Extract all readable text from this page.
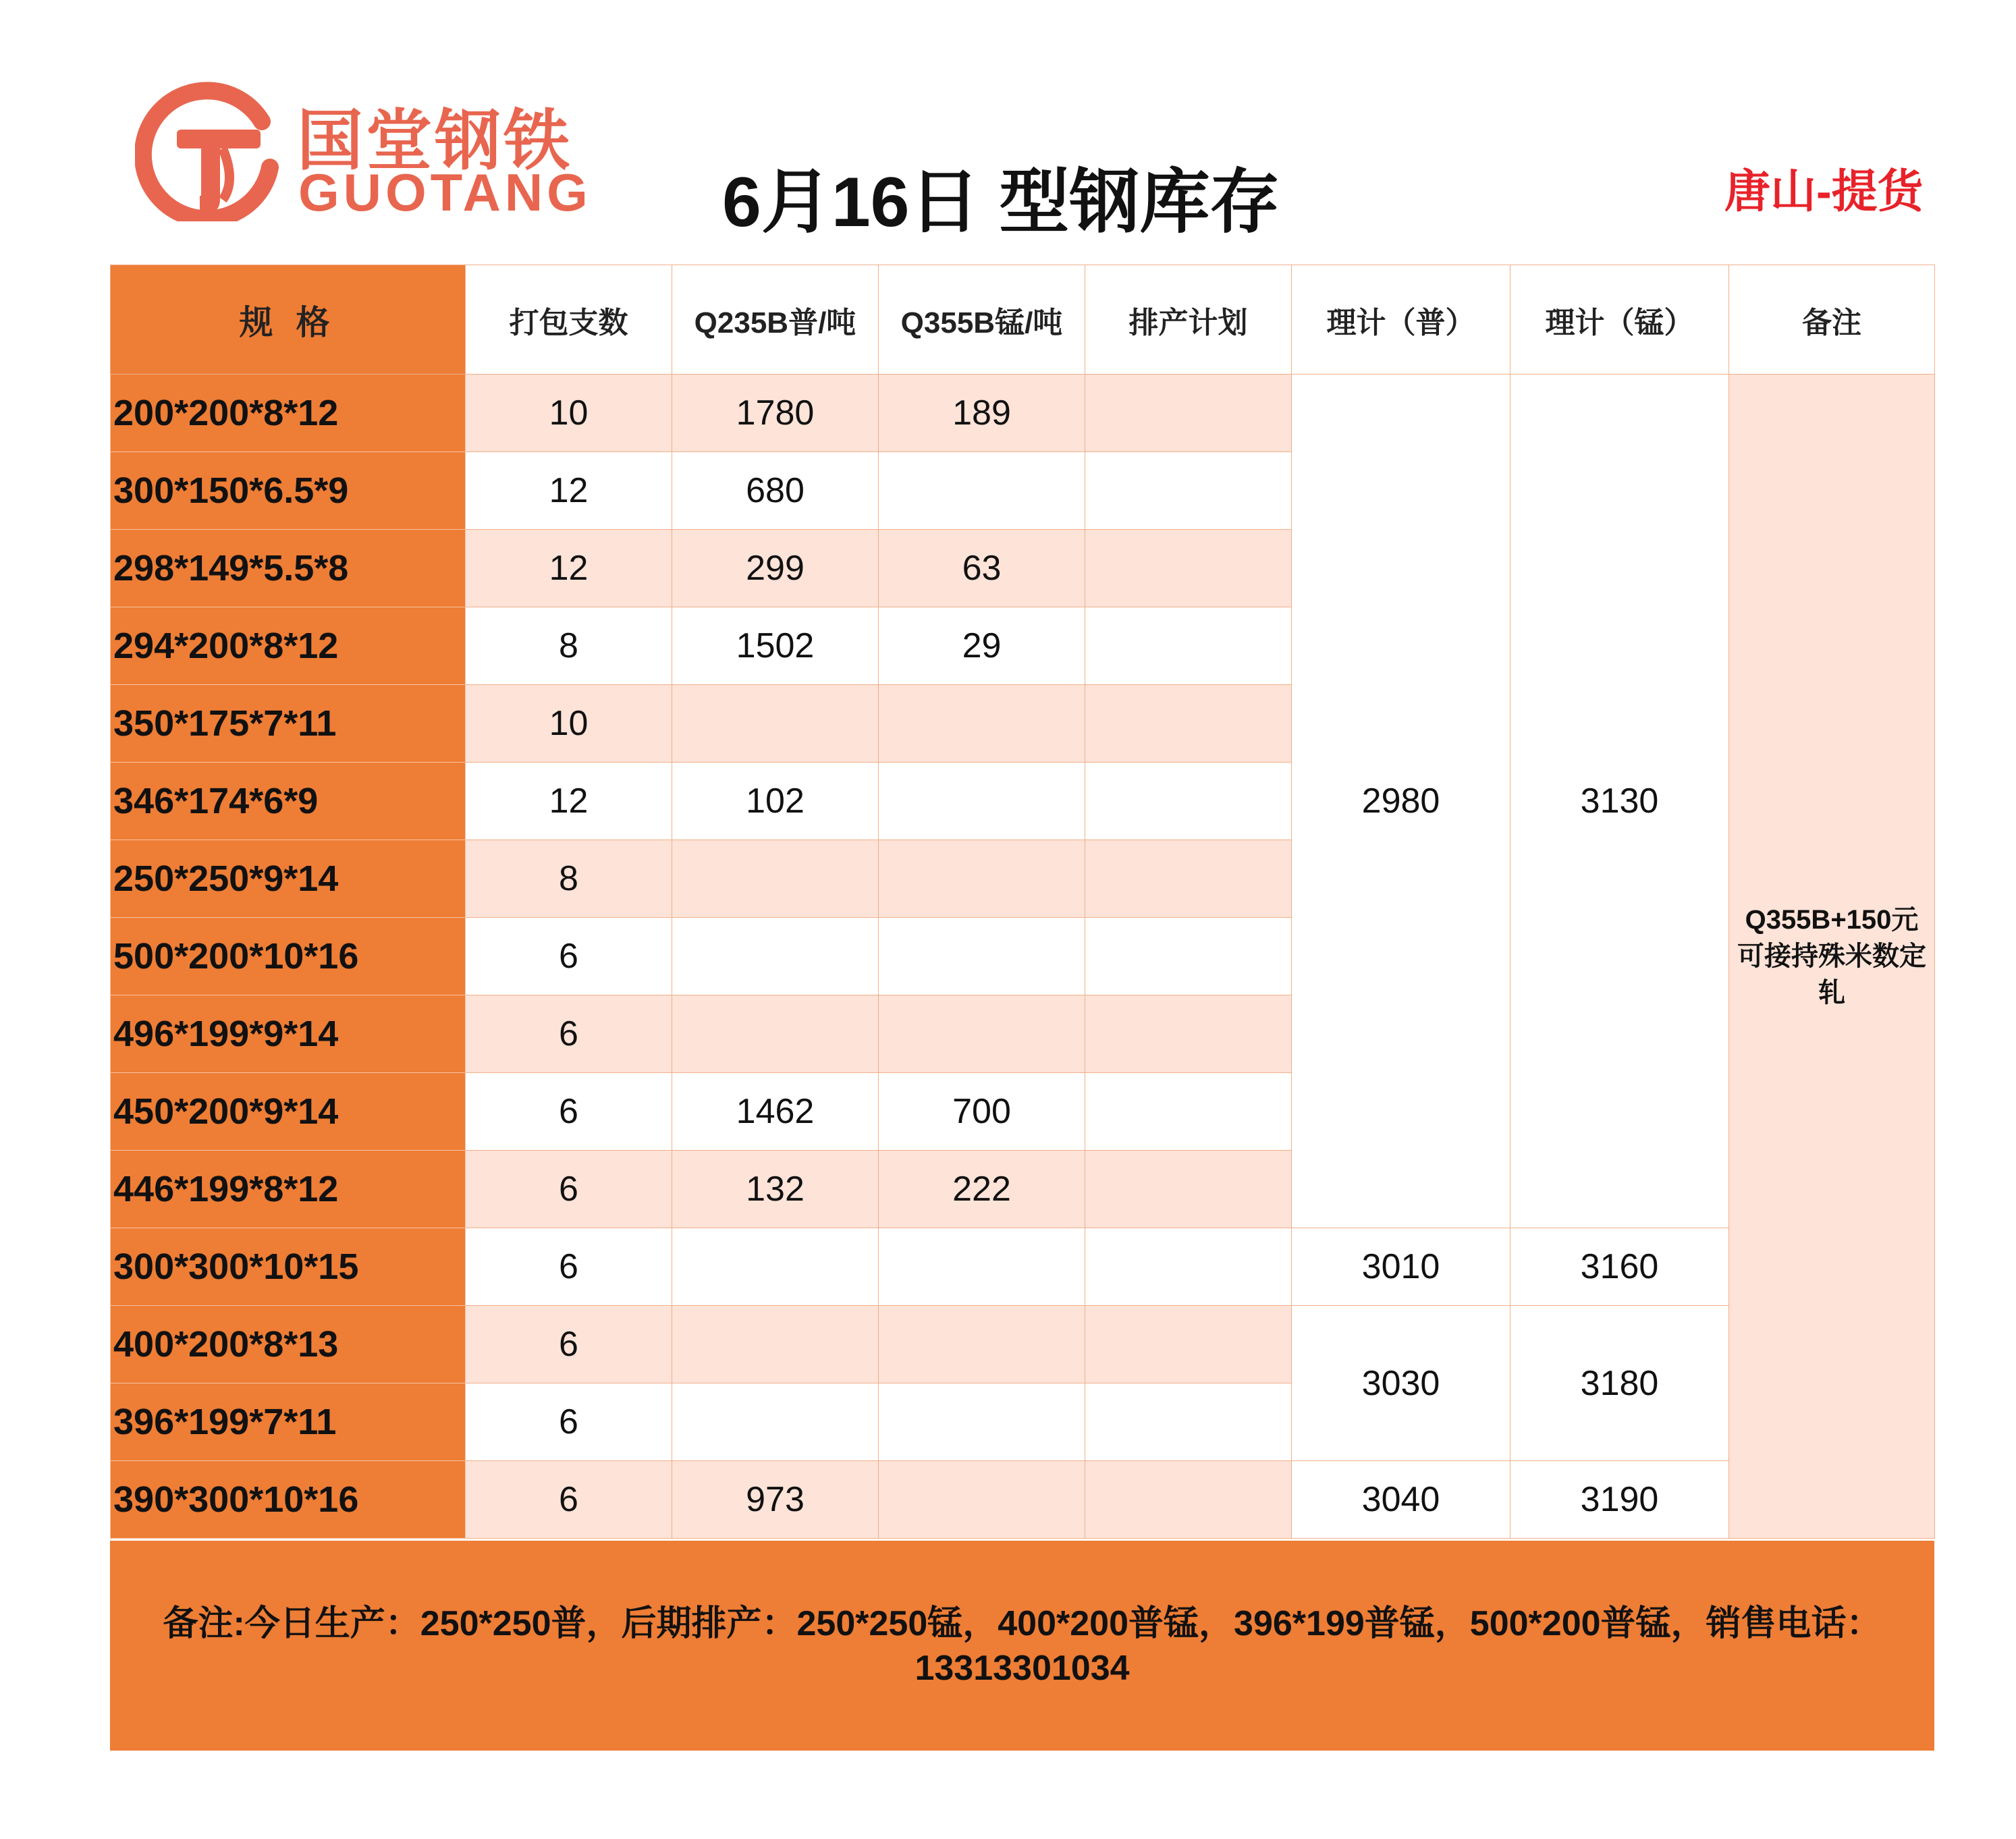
国堂钢铁
GUOTANG 6月16日 型钢库存	唐山-提货
规 格	打包支数	Q235B普/吨	Q355B锰/吨	排产计划	理计（普）	理计（锰）	备注
200*200*8*12	10	1780	189		2980	3130	Q355B+150元可接持殊米数定轧
300*150*6.5*9	12	680					
298*149*5.5*8	12	299	63				
294*200*8*12	8	1502	29				
350*175*7*11	10						
346*174*6*9	12	102					
250*250*9*14	8						
500*200*10*16	6						
496*199*9*14	6						
450*200*9*14	6	1462	700				
446*199*8*12	6	132	222				
300*300*10*15	6				3010	3160	
400*200*8*13	6				3030	3180	
396*199*7*11	6						
390*300*10*16	6	973			3040	3190	
备注:今日生产：250*250普，后期排产：250*250锰，400*200普锰，396*199普锰，500*200普锰，销售电话：13313301034
